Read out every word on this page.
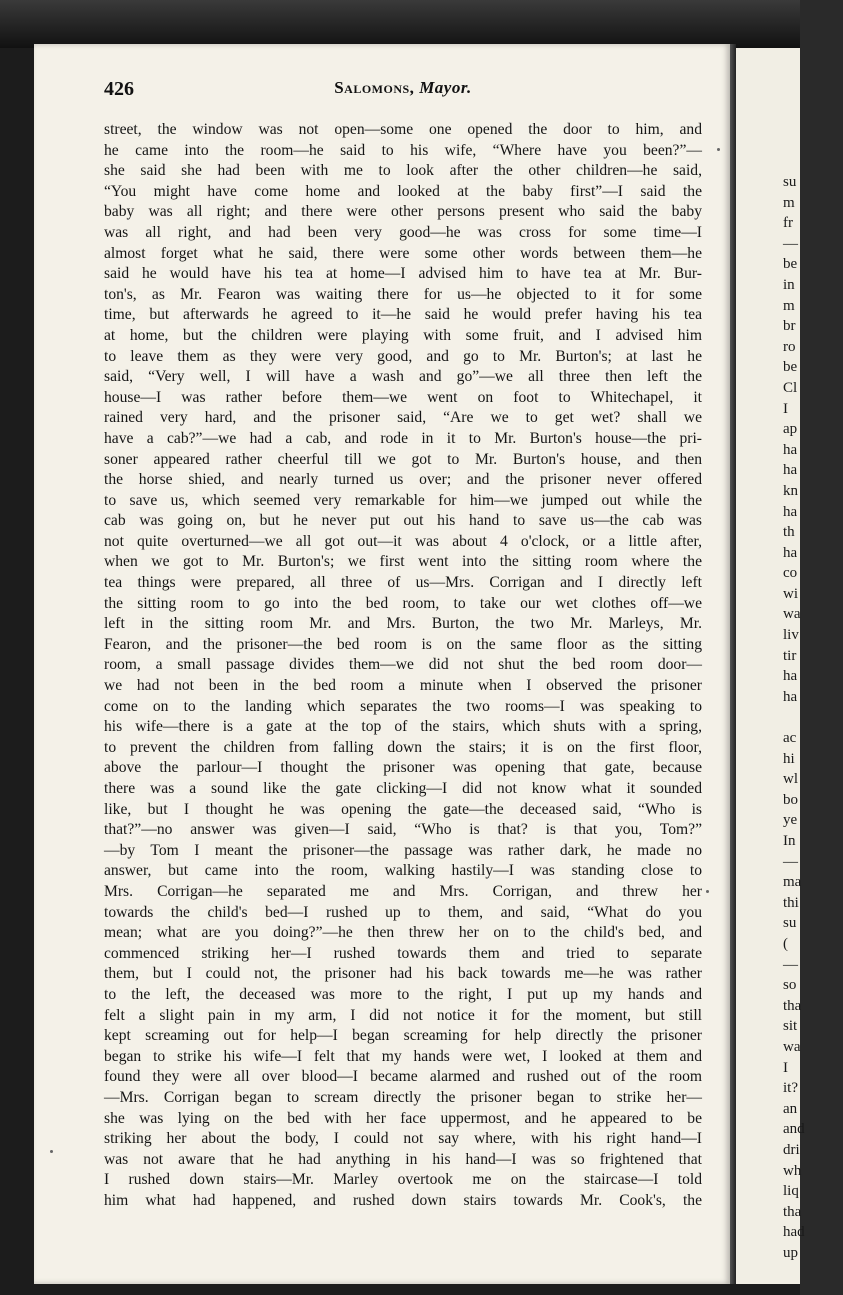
su
m
fr
—
be
in
m
br
ro
be
Cl
I
ap
ha
ha
kn
ha
th
ha
co
wi
wa
liv
tir
ha
ha
ac
hi
wl
bo
ye
In
—
ma
thi
su
(
—
so
tha
sit
wa
I
it?
an
and
dri
wh
liq
tha
had
up
426	Salomons, Mayor.
street, the window was not open—some one opened the door to him, and
he came into the room—he said to his wife, “Where have you been?”—
she said she had been with me to look after the other children—he said,
“You might have come home and looked at the baby first”—I said the
baby was all right; and there were other persons present who said the baby
was all right, and had been very good—he was cross for some time—I
almost forget what he said, there were some other words between them—he
said he would have his tea at home—I advised him to have tea at Mr. Bur-
ton's, as Mr. Fearon was waiting there for us—he objected to it for some
time, but afterwards he agreed to it—he said he would prefer having his tea
at home, but the children were playing with some fruit, and I advised him
to leave them as they were very good, and go to Mr. Burton's; at last he
said, “Very well, I will have a wash and go”—we all three then left the
house—I was rather before them—we went on foot to Whitechapel, it
rained very hard, and the prisoner said, “Are we to get wet? shall we
have a cab?”—we had a cab, and rode in it to Mr. Burton's house—the pri-
soner appeared rather cheerful till we got to Mr. Burton's house, and then
the horse shied, and nearly turned us over; and the prisoner never offered
to save us, which seemed very remarkable for him—we jumped out while the
cab was going on, but he never put out his hand to save us—the cab was
not quite overturned—we all got out—it was about 4 o'clock, or a little after,
when we got to Mr. Burton's; we first went into the sitting room where the
tea things were prepared, all three of us—Mrs. Corrigan and I directly left
the sitting room to go into the bed room, to take our wet clothes off—we
left in the sitting room Mr. and Mrs. Burton, the two Mr. Marleys, Mr.
Fearon, and the prisoner—the bed room is on the same floor as the sitting
room, a small passage divides them—we did not shut the bed room door—
we had not been in the bed room a minute when I observed the prisoner
come on to the landing which separates the two rooms—I was speaking to
his wife—there is a gate at the top of the stairs, which shuts with a spring,
to prevent the children from falling down the stairs; it is on the first floor,
above the parlour—I thought the prisoner was opening that gate, because
there was a sound like the gate clicking—I did not know what it sounded
like, but I thought he was opening the gate—the deceased said, “Who is
that?”—no answer was given—I said, “Who is that? is that you, Tom?”
—by Tom I meant the prisoner—the passage was rather dark, he made no
answer, but came into the room, walking hastily—I was standing close to
Mrs. Corrigan—he separated me and Mrs. Corrigan, and threw her
towards the child's bed—I rushed up to them, and said, “What do you
mean; what are you doing?”—he then threw her on to the child's bed, and
commenced striking her—I rushed towards them and tried to separate
them, but I could not, the prisoner had his back towards me—he was rather
to the left, the deceased was more to the right, I put up my hands and
felt a slight pain in my arm, I did not notice it for the moment, but still
kept screaming out for help—I began screaming for help directly the prisoner
began to strike his wife—I felt that my hands were wet, I looked at them and
found they were all over blood—I became alarmed and rushed out of the room
—Mrs. Corrigan began to scream directly the prisoner began to strike her—
she was lying on the bed with her face uppermost, and he appeared to be
striking her about the body, I could not say where, with his right hand—I
was not aware that he had anything in his hand—I was so frightened that
I rushed down stairs—Mr. Marley overtook me on the staircase—I told
him what had happened, and rushed down stairs towards Mr. Cook's, the
